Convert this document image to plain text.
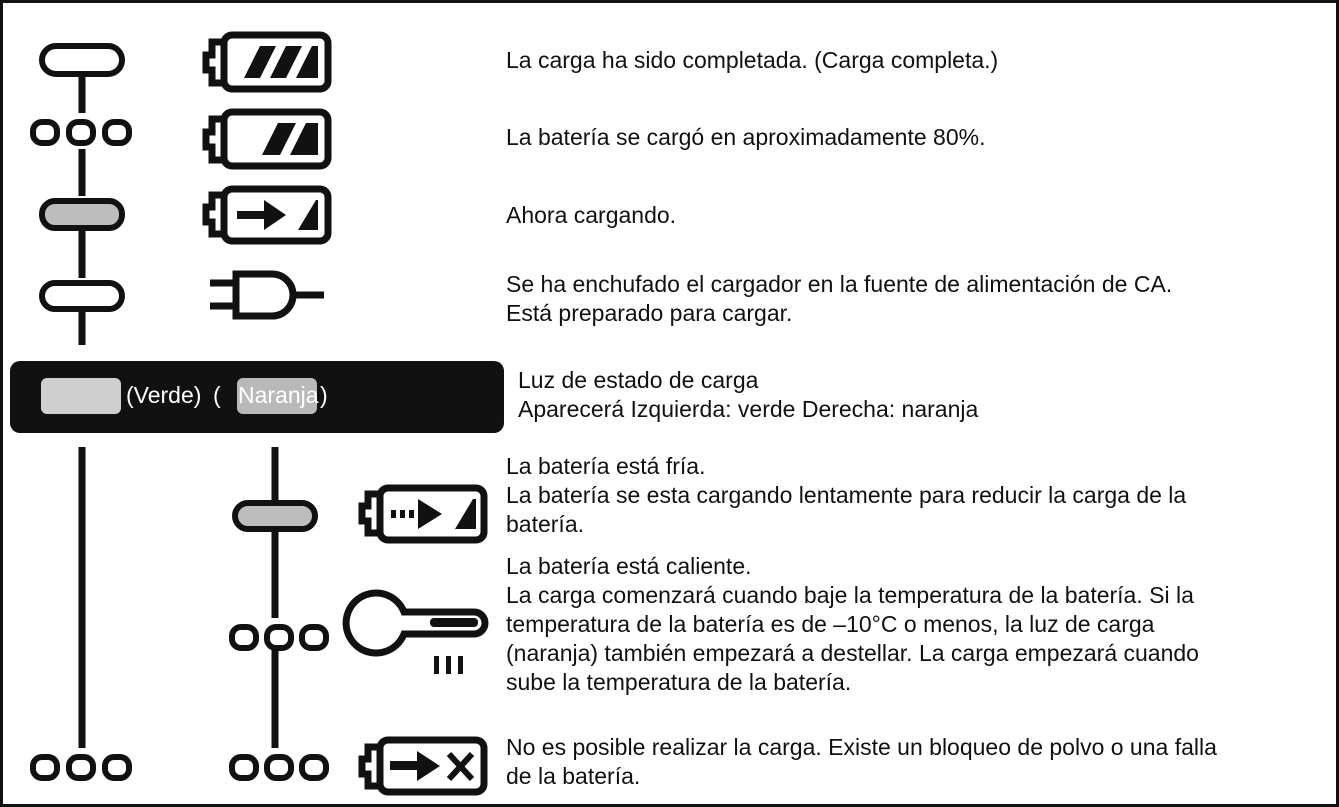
(Verde) ( Naranja )
La carga ha sido completada. (Carga completa.)
La batería se cargó en aproximadamente 80%.
Ahora cargando.
Se ha enchufado el cargador en la fuente de alimentación de CA.
Está preparado para cargar.
Luz de estado de carga
Aparecerá Izquierda: verde Derecha: naranja
La batería está fría.
La batería se esta cargando lentamente para reducir la carga de la
batería.
La batería está caliente.
La carga comenzará cuando baje la temperatura de la batería. Si la
temperatura de la batería es de –10°C o menos, la luz de carga
(naranja) también empezará a destellar. La carga empezará cuando
sube la temperatura de la batería.
No es posible realizar la carga. Existe un bloqueo de polvo o una falla
de la batería.
